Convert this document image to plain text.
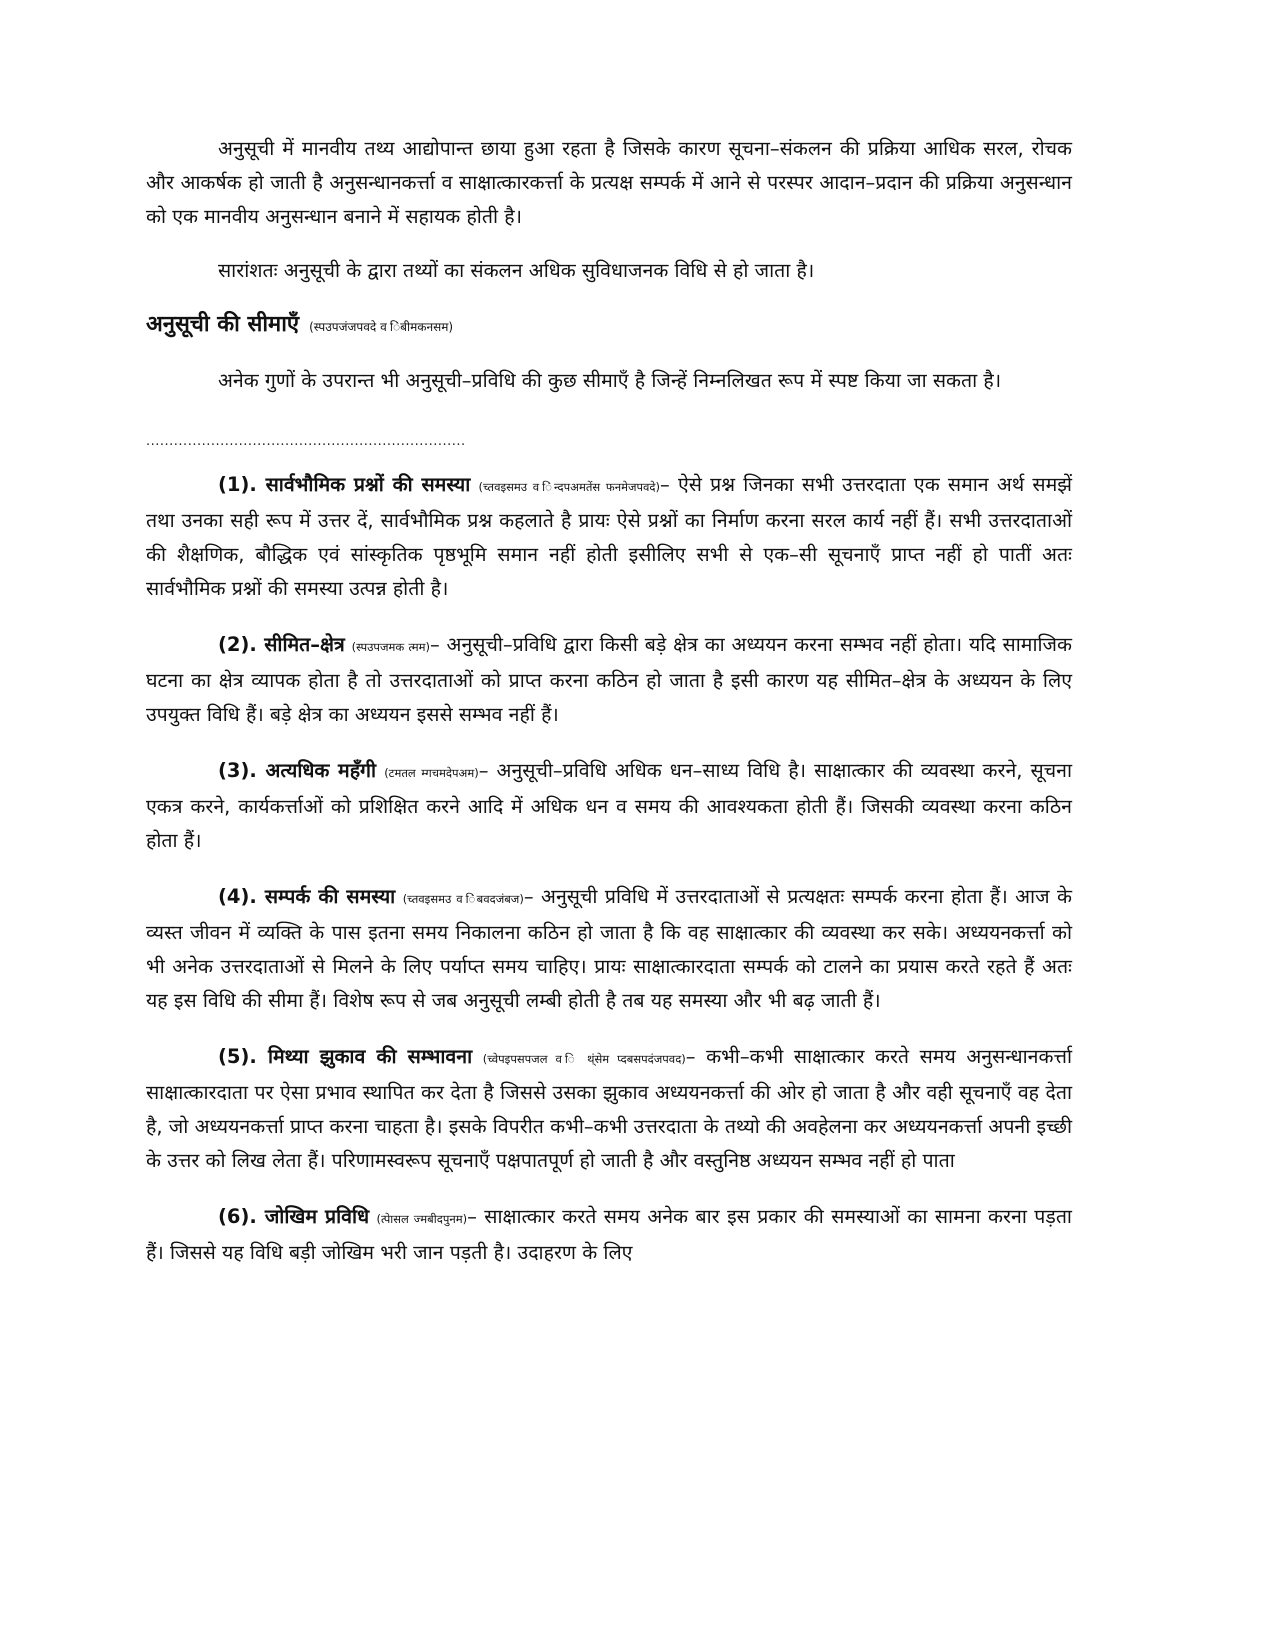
अनुसूची में मानवीय तथ्य आद्योपान्त छाया हुआ रहता है जिसके कारण सूचना–संकलन की प्रक्रिया आधिक सरल, रोचक और आकर्षक हो जाती है अनुसन्धानकर्त्ता व साक्षात्कारकर्त्ता के प्रत्यक्ष सम्पर्क में आने से परस्पर आदान–प्रदान की प्रक्रिया अनुसन्धान को एक मानवीय अनुसन्धान बनाने में सहायक होती है।

सारांशतः अनुसूची के द्वारा तथ्यों का संकलन अधिक सुविधाजनक विधि से हो जाता है।

अनुसूची की सीमाएँ (स्पउपजंजपवदे व िंबीमकनसम)

अनेक गुणों के उपरान्त भी अनुसूची–प्रविधि की कुछ सीमाएँ है जिन्हें निम्नलिखत रूप में स्पष्ट किया जा सकता है।

.....................................................................

(1). सार्वभौमिक प्रश्नों की समस्या (च्तवइसमउ व िंन्दपअमतेंस फनमेजपवदे)– ऐसे प्रश्न जिनका सभी उत्तरदाता एक समान अर्थ समझें तथा उनका सही रूप में उत्तर दें, सार्वभौमिक प्रश्न कहलाते है प्रायः ऐसे प्रश्नों का निर्माण करना सरल कार्य नहीं हैं। सभी उत्तरदाताओं की शैक्षणिक, बौद्धिक एवं सांस्कृतिक पृष्ठभूमि समान नहीं होती इसीलिए सभी से एक–सी सूचनाएँ प्राप्त नहीं हो पातीं अतः सार्वभौमिक प्रश्नों की समस्या उत्पन्न होती है।

(2). सीमित–क्षेत्र (स्पउपजमक त्मम)– अनुसूची–प्रविधि द्वारा किसी बड़े क्षेत्र का अध्ययन करना सम्भव नहीं होता। यदि सामाजिक घटना का क्षेत्र व्यापक होता है तो उत्तरदाताओं को प्राप्त करना कठिन हो जाता है इसी कारण यह सीमित–क्षेत्र के अध्ययन के लिए उपयुक्त विधि हैं। बड़े क्षेत्र का अध्ययन इससे सम्भव नहीं हैं।

(3). अत्यधिक महँगी (टमतल म्गचमदेपअम)– अनुसूची–प्रविधि अधिक धन–साध्य विधि है। साक्षात्कार की व्यवस्था करने, सूचना एकत्र करने, कार्यकर्त्ताओं को प्रशिक्षित करने आदि में अधिक धन व समय की आवश्यकता होती हैं। जिसकी व्यवस्था करना कठिन होता हैं।

(4). सम्पर्क की समस्या (च्तवइसमउ व िंबवदजंबज)– अनुसूची प्रविधि में उत्तरदाताओं से प्रत्यक्षतः सम्पर्क करना होता हैं। आज के व्यस्त जीवन में व्यक्ति के पास इतना समय निकालना कठिन हो जाता है कि वह साक्षात्कार की व्यवस्था कर सके। अध्ययनकर्त्ता को भी अनेक उत्तरदाताओं से मिलने के लिए पर्याप्त समय चाहिए। प्रायः साक्षात्कारदाता सम्पर्क को टालने का प्रयास करते रहते हैं अतः यह इस विधि की सीमा हैं। विशेष रूप से जब अनुसूची लम्बी होती है तब यह समस्या और भी बढ़ जाती हैं।

(5). मिथ्या झुकाव की सम्भावना (च्वेपइपसपजल व ि थ्ंसेम प्दबसपदंजपवद)– कभी–कभी साक्षात्कार करते समय अनुसन्धानकर्त्ता साक्षात्कारदाता पर ऐसा प्रभाव स्थापित कर देता है जिससे उसका झुकाव अध्ययनकर्त्ता की ओर हो जाता है और वही सूचनाएँ वह देता है, जो अध्ययनकर्त्ता प्राप्त करना चाहता है। इसके विपरीत कभी–कभी उत्तरदाता के तथ्यो की अवहेलना कर अध्ययनकर्त्ता अपनी इच्छी के उत्तर को लिख लेता हैं। परिणामस्वरूप सूचनाएँ पक्षपातपूर्ण हो जाती है और वस्तुनिष्ठ अध्ययन सम्भव नहीं हो पाता

(6). जोखिम प्रविधि (त्पेासल ज्मबीदपुनम)– साक्षात्कार करते समय अनेक बार इस प्रकार की समस्याओं का सामना करना पड़ता हैं। जिससे यह विधि बड़ी जोखिम भरी जान पड़ती है। उदाहरण के लिए
